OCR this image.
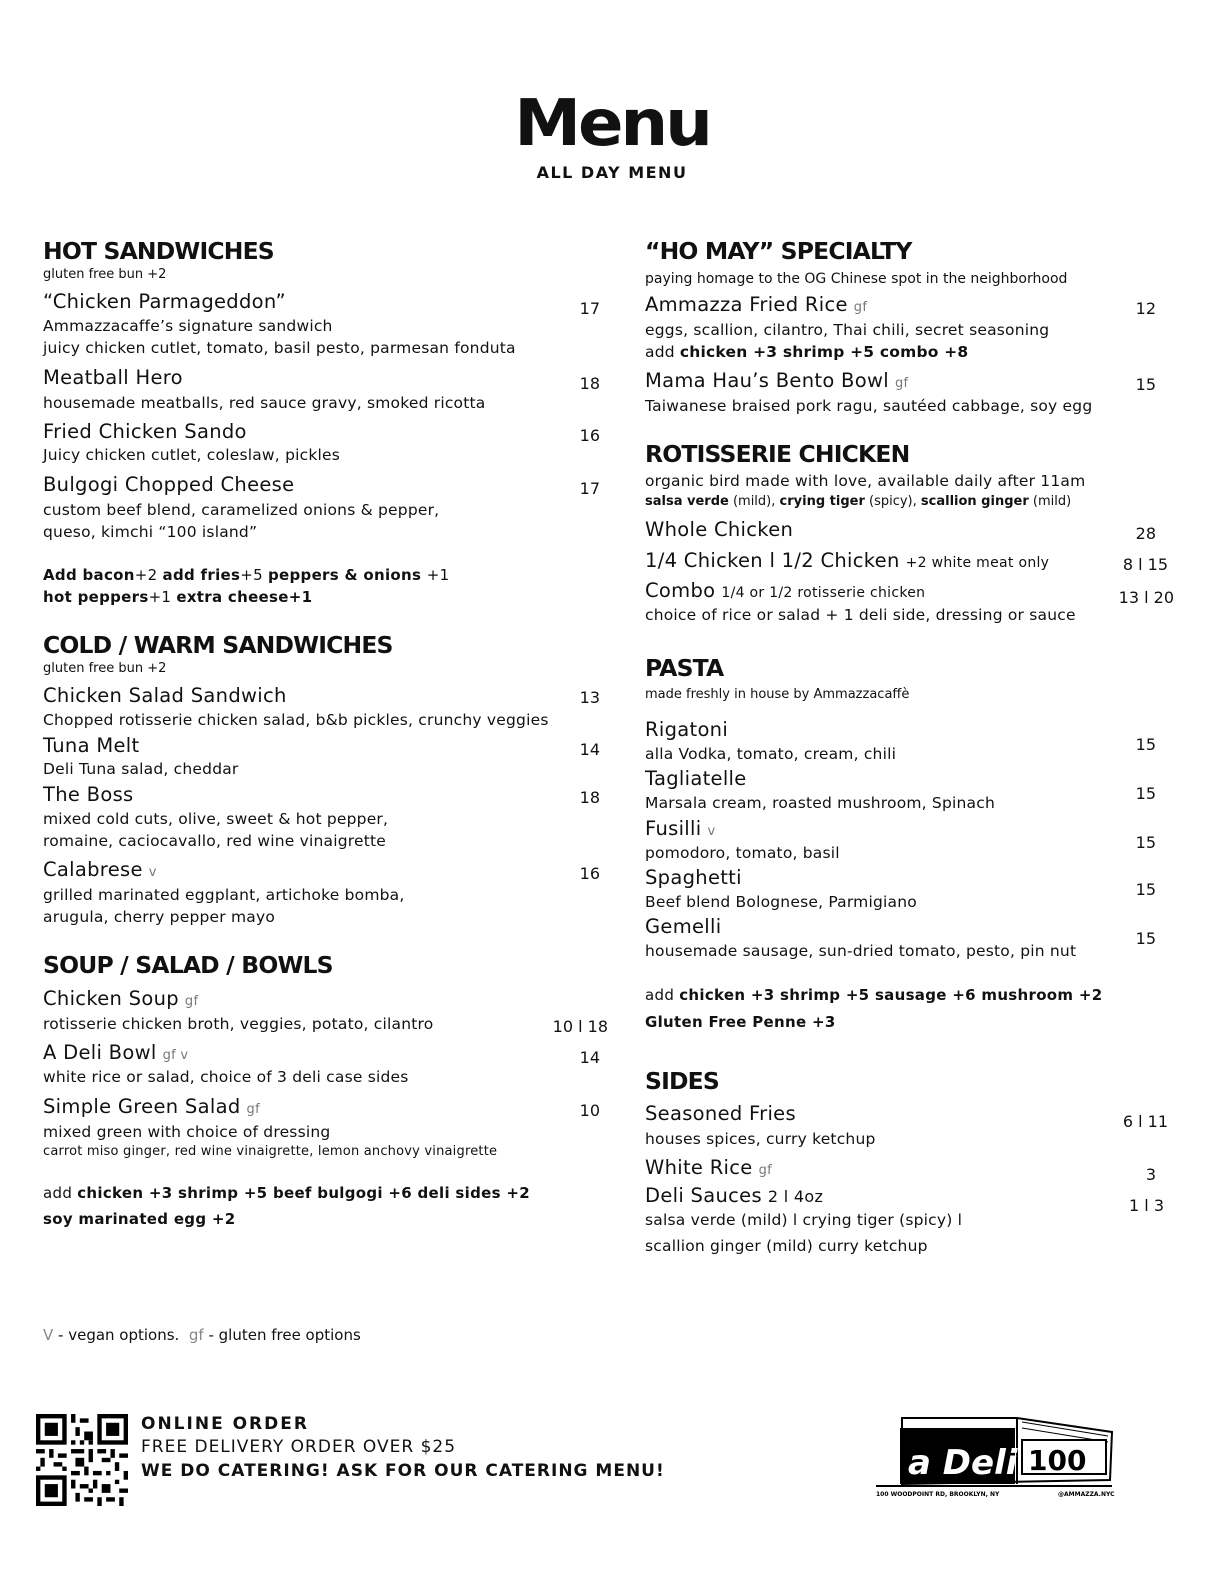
Menu
ALL DAY MENU
HOT SANDWICHES
gluten free bun +2
“Chicken Parmageddon”	17
Ammazzacaffe’s signature sandwich
juicy chicken cutlet, tomato, basil pesto, parmesan fonduta
Meatball Hero	18
housemade meatballs, red sauce gravy, smoked ricotta
Fried Chicken Sando	16
Juicy chicken cutlet, coleslaw, pickles
Bulgogi Chopped Cheese	17
custom beef blend, caramelized onions & pepper,
queso, kimchi “100 island”
Add bacon+2 add fries+5 peppers & onions +1
hot peppers+1 extra cheese+1
COLD / WARM SANDWICHES
gluten free bun +2
Chicken Salad Sandwich	13
Chopped rotisserie chicken salad, b&b pickles, crunchy veggies
Tuna Melt	14
Deli Tuna salad, cheddar
The Boss	18
mixed cold cuts, olive, sweet & hot pepper,
romaine, caciocavallo, red wine vinaigrette
Calabrese v	16
grilled marinated eggplant, artichoke bomba,
arugula, cherry pepper mayo
SOUP / SALAD / BOWLS
Chicken Soup gf
10 l 18
rotisserie chicken broth, veggies, potato, cilantro
A Deli Bowl gf v	14
white rice or salad, choice of 3 deli case sides
Simple Green Salad gf	10
mixed green with choice of dressing
carrot miso ginger, red wine vinaigrette, lemon anchovy vinaigrette
add chicken +3 shrimp +5 beef bulgogi +6 deli sides +2
soy marinated egg +2
“HO MAY” SPECIALTY
paying homage to the OG Chinese spot in the neighborhood
Ammazza Fried Rice gf	12
eggs, scallion, cilantro, Thai chili, secret seasoning
add chicken +3 shrimp +5 combo +8
Mama Hau’s Bento Bowl gf	15
Taiwanese braised pork ragu, sautéed cabbage, soy egg
ROTISSERIE CHICKEN
organic bird made with love, available daily after 11am
salsa verde (mild), crying tiger (spicy), scallion ginger (mild)
Whole Chicken	28
1/4 Chicken l 1/2 Chicken +2 white meat only	8 l 15
Combo 1/4 or 1/2 rotisserie chicken	13 l 20
choice of rice or salad + 1 deli side, dressing or sauce
PASTA
made freshly in house by Ammazzacaffè
Rigatoni
15
alla Vodka, tomato, cream, chili
Tagliatelle
15
Marsala cream, roasted mushroom, Spinach
Fusilli v
15
pomodoro, tomato, basil
Spaghetti
15
Beef blend Bolognese, Parmigiano
Gemelli
15
housemade sausage, sun-dried tomato, pesto, pin nut
add chicken +3 shrimp +5 sausage +6 mushroom +2
Gluten Free Penne +3
SIDES
Seasoned Fries	6 l 11
houses spices, curry ketchup
White Rice gf	3
Deli Sauces 2 l 4oz	1 l 3
salsa verde (mild) l crying tiger (spicy) l
scallion ginger (mild) curry ketchup
V - vegan options. gf - gluten free options
ONLINE ORDER
FREE DELIVERY ORDER OVER $25
WE DO CATERING! ASK FOR OUR CATERING MENU!	a Deli 100
100 WOODPOINT RD, BROOKLYN, NY	@AMMAZZA.NYC
